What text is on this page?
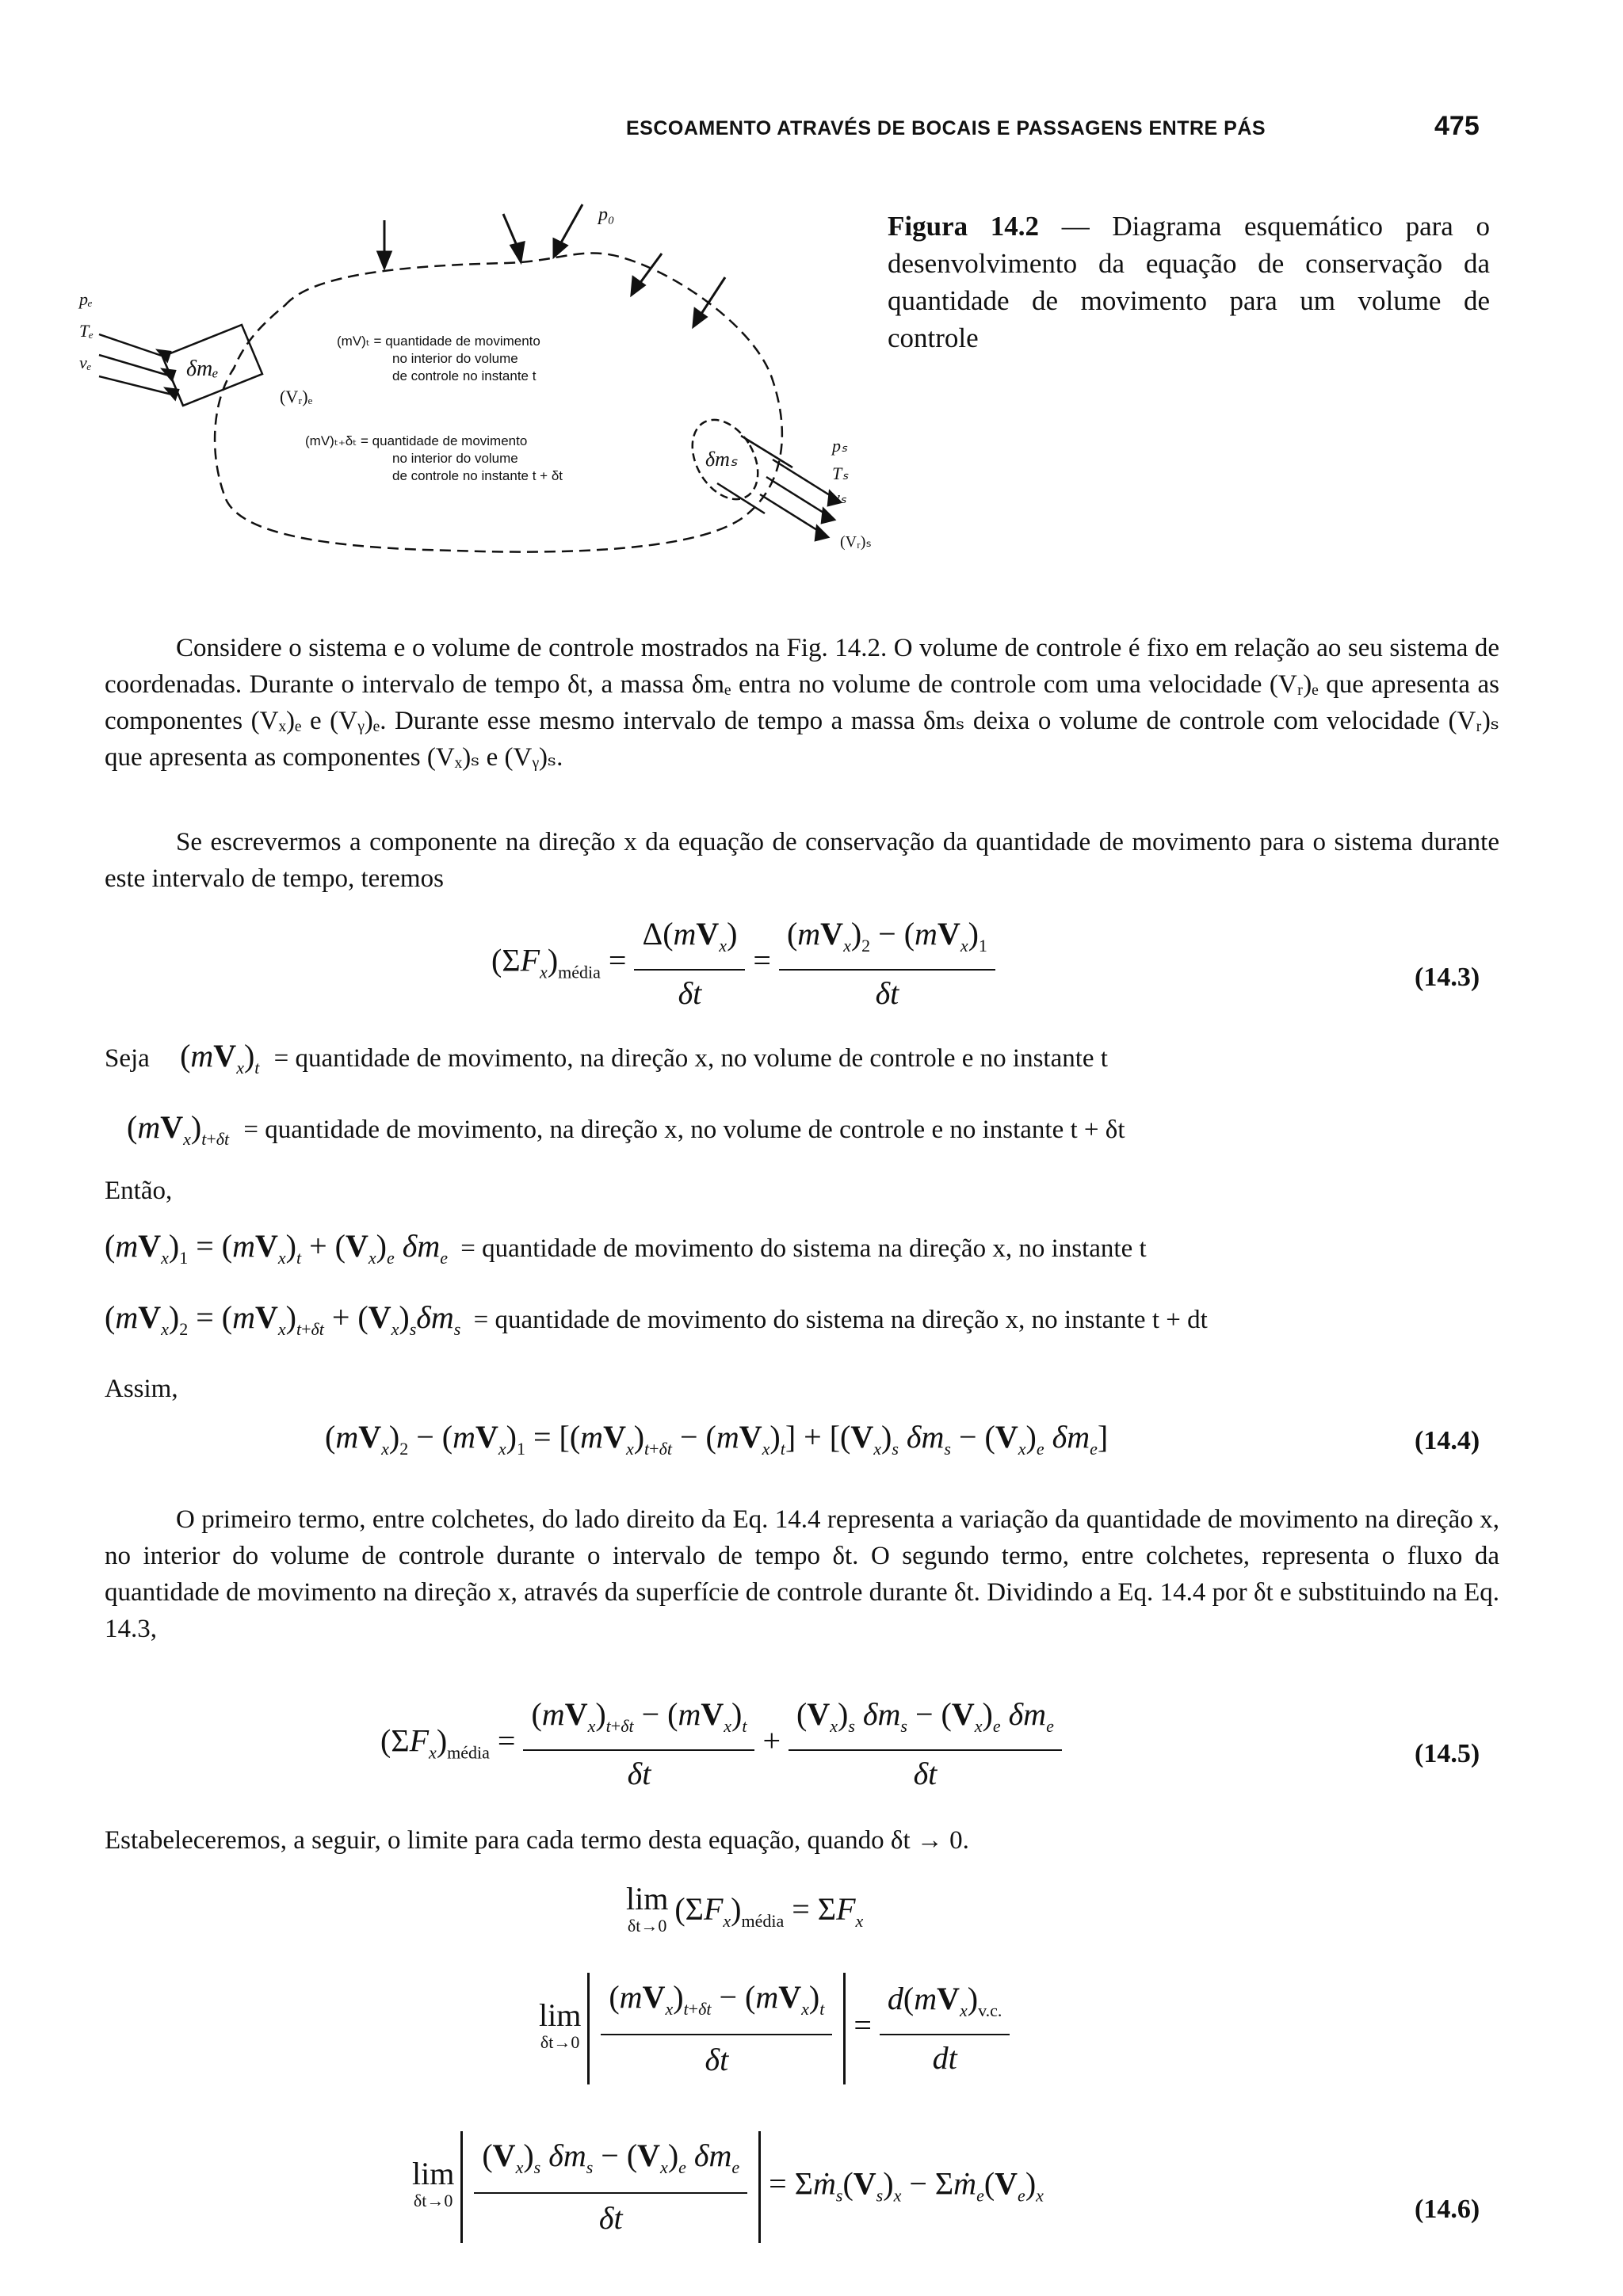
ESCOAMENTO ATRAVÉS DE BOCAIS E PASSAGENS ENTRE PÁS	475
p₀
pₑ
Tₑ
vₑ	δmₑ
(Vᵣ)ₑ
δmₛ
pₛ
Tₛ
vₛ
(Vᵣ)ₛ
(mV)ₜ = quantidade de movimento
no interior do volume
de controle no instante t
(mV)ₜ₊δₜ = quantidade de movimento
no interior do volume
de controle no instante t + δt
Figura 14.2 — Diagrama esquemático para o desenvolvimento da equação de conservação da quantidade de movimento para um volume de controle
Considere o sistema e o volume de controle mostrados na Fig. 14.2. O volume de controle é fixo em relação ao seu sistema de coordenadas. Durante o intervalo de tempo δt, a massa δmₑ entra no volume de controle com uma velocidade (Vᵣ)ₑ que apresenta as componentes (Vₓ)ₑ e (Vᵧ)ₑ. Durante esse mesmo intervalo de tempo a massa δmₛ deixa o volume de controle com velocidade (Vᵣ)ₛ que apresenta as componentes (Vₓ)ₛ e (Vᵧ)ₛ.
Se escrevermos a componente na direção x da equação de conservação da quantidade de movimento para o sistema durante este intervalo de tempo, teremos
$(\Sigma F_x)_{média} = \frac{\Delta(mV_x)}{\delta t} = \frac{(mV_x)_2 - (mV_x)_1}{\delta t}$	(14.3)
Seja $(mV_x)_t$ = quantidade de movimento, na direção x, no volume de controle e no instante t
$(mV_x)_{t+\delta t}$ = quantidade de movimento, na direção x, no volume de controle e no instante t + δt
Então,
$(mV_x)_1 = (mV_x)_t + (V_x)_e$ $\delta m_e$ = quantidade de movimento do sistema na direção x, no instante t
$(mV_x)_2 = (mV_x)_{t+\delta t} + (V_x)_s\delta m_s$ = quantidade de movimento do sistema na direção x, no instante t + dt
Assim,
$(mV_x)_2 - (mV_x)_1 = [(mV_x)_{t+\delta t} - (mV_x)_t] + [(V_x)_s$ $\delta m_s - (V_x)_e$ $\delta m_e$]	(14.4)
O primeiro termo, entre colchetes, do lado direito da Eq. 14.4 representa a variação da quantidade de movimento na direção x, no interior do volume de controle durante o intervalo de tempo δt. O segundo termo, entre colchetes, representa o fluxo da quantidade de movimento na direção x, através da superfície de controle durante δt. Dividindo a Eq. 14.4 por δt e substituindo na Eq. 14.3,
$(\Sigma F_x)_{média} = \frac{(mV_x)_{t+\delta t} - (mV_x)_t}{\delta t} + \frac{(V_x)_s \delta m_s - (V_x)_e \delta m_e}{\delta t}$	(14.5)
Estabeleceremos, a seguir, o limite para cada termo desta equação, quando δt → 0.
lim
δt→0 $(\Sigma F_x)_{média} = \Sigma F_x$
lim
$\delta t\to 0 \frac{(mV_x)_{t+\delta t} - (mV_x)_t}{\delta t} = \frac{d(mV_x)_{v.c.}}{dt}$
lim
$\delta t\to 0 \frac{(V_x)_s \delta m_s - (V_x)_e \delta m_e}{\delta t}$ = $\Sigma ṁ_s(V_s)_x$ − $\Sigma ṁ_e(V_e)_x$	(14.6)
